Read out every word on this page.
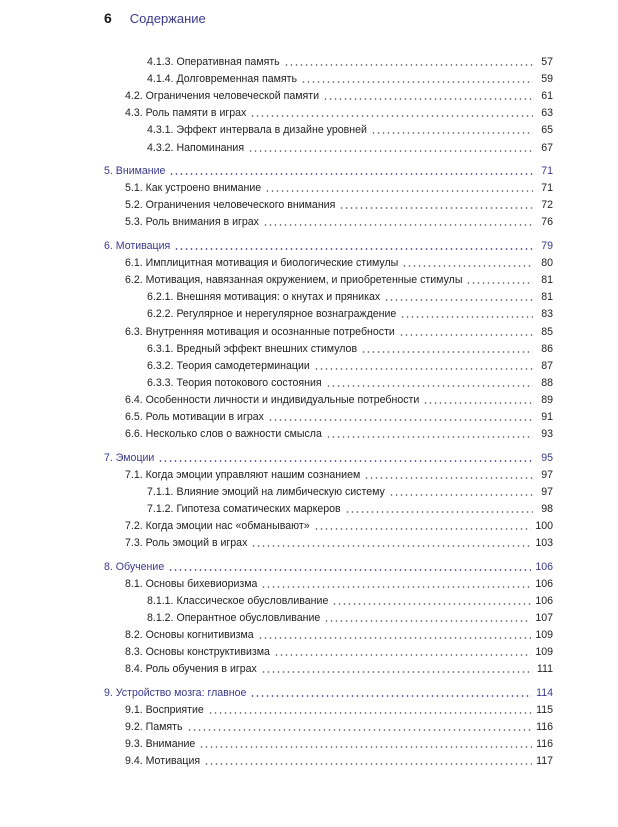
6 Содержание
4.1.3. Оперативная память	57
4.1.4. Долговременная память	59
4.2. Ограничения человеческой памяти	61
4.3. Роль памяти в играх	63
4.3.1. Эффект интервала в дизайне уровней	65
4.3.2. Напоминания	67
5. Внимание	71
5.1. Как устроено внимание	71
5.2. Ограничения человеческого внимания	72
5.3. Роль внимания в играх	76
6. Мотивация	79
6.1. Имплицитная мотивация и биологические стимулы	80
6.2. Мотивация, навязанная окружением, и приобретенные стимулы	81
6.2.1. Внешняя мотивация: о кнутах и пряниках	81
6.2.2. Регулярное и нерегулярное вознаграждение	83
6.3. Внутренняя мотивация и осознанные потребности	85
6.3.1. Вредный эффект внешних стимулов	86
6.3.2. Теория самодетерминации	87
6.3.3. Теория потокового состояния	88
6.4. Особенности личности и индивидуальные потребности	89
6.5. Роль мотивации в играх	91
6.6. Несколько слов о важности смысла	93
7. Эмоции	95
7.1. Когда эмоции управляют нашим сознанием	97
7.1.1. Влияние эмоций на лимбическую систему	97
7.1.2. Гипотеза соматических маркеров	98
7.2. Когда эмоции нас «обманывают»	100
7.3. Роль эмоций в играх	103
8. Обучение	106
8.1. Основы бихевиоризма	106
8.1.1. Классическое обусловливание	106
8.1.2. Оперантное обусловливание	107
8.2. Основы когнитивизма	109
8.3. Основы конструктивизма	109
8.4. Роль обучения в играх	111
9. Устройство мозга: главное	114
9.1. Восприятие	115
9.2. Память	116
9.3. Внимание	116
9.4. Мотивация	117
